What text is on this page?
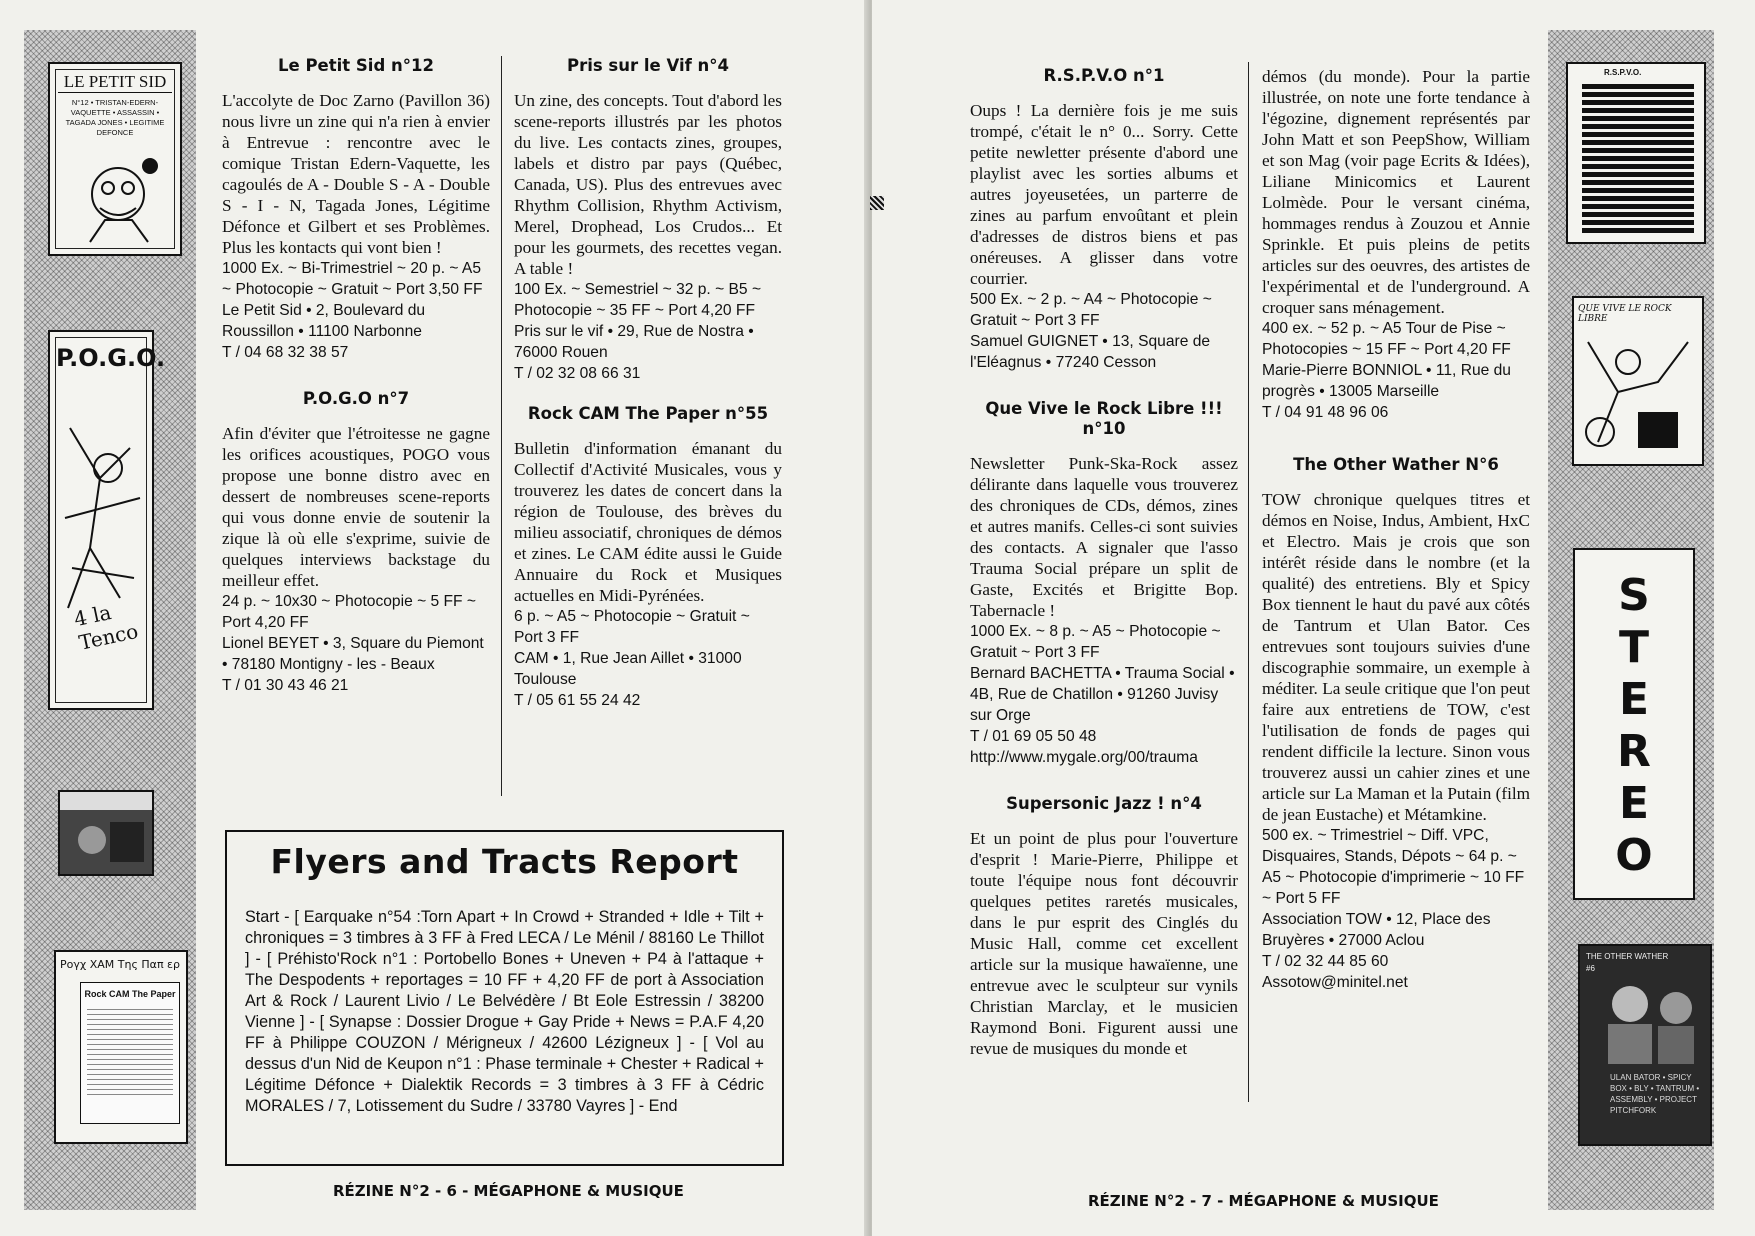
LE PETIT SID
N°12 • TRISTAN-EDERN-VAQUETTE • ASSASSIN • TAGADA JONES • LEGITIME DEFONCE
P.O.G.O.
4 la Tenco
Pογχ ΧΑΜ Της Παπ ερ
Rock CAM The Paper
Le Petit Sid n°12

L'accolyte de Doc Zarno (Pavillon 36) nous livre un zine qui n'a rien à envier à Entrevue : rencontre avec le comique Tristan Edern-Vaquette, les cagoulés de A - Double S - A - Double S - I - N, Tagada Jones, Légitime Défonce et Gilbert et ses Problèmes. Plus les kontacts qui vont bien !

1000 Ex. ~ Bi-Trimestriel ~ 20 p. ~ A5 ~ Photocopie ~ Gratuit ~ Port 3,50 FF

Le Petit Sid • 2, Boulevard du Roussillon • 11100 Narbonne

T / 04 68 32 38 57

P.O.G.O n°7

Afin d'éviter que l'étroitesse ne gagne les orifices acoustiques, POGO vous propose une bonne distro avec en dessert de nombreuses scene-reports qui vous donne envie de soutenir la zique là où elle s'exprime, suivie de quelques interviews backstage du meilleur effet.

24 p. ~ 10x30 ~ Photocopie ~ 5 FF ~ Port 4,20 FF

Lionel BEYET • 3, Square du Piemont • 78180 Montigny - les - Beaux

T / 01 30 43 46 21

Pris sur le Vif n°4

Un zine, des concepts. Tout d'abord les scene-reports illustrés par les photos du live. Les contacts zines, groupes, labels et distro par pays (Québec, Canada, US). Plus des entrevues avec Rhythm Collision, Rhythm Activism, Merel, Drophead, Los Crudos... Et pour les gourmets, des recettes vegan. A table !

100 Ex. ~ Semestriel ~ 32 p. ~ B5 ~ Photocopie ~ 35 FF ~ Port 4,20 FF

Pris sur le vif • 29, Rue de Nostra • 76000 Rouen

T / 02 32 08 66 31

Rock CAM The Paper n°55

Bulletin d'information émanant du Collectif d'Activité Musicales, vous y trouverez les dates de concert dans la région de Toulouse, des brèves du milieu associatif, chroniques de démos et zines. Le CAM édite aussi le Guide Annuaire du Rock et Musiques actuelles en Midi-Pyrénées.

6 p. ~ A5 ~ Photocopie ~ Gratuit ~ Port 3 FF

CAM • 1, Rue Jean Aillet • 31000 Toulouse

T / 05 61 55 24 42

Flyers and Tracts Report
Start - [ Earquake n°54 :Torn Apart + In Crowd + Stranded + Idle + Tilt + chroniques = 3 timbres à 3 FF à Fred LECA / Le Ménil / 88160 Le Thillot ] - [ Préhisto'Rock n°1 : Portobello Bones + Uneven + P4 à l'attaque + The Despodents + reportages = 10 FF + 4,20 FF de port à Association Art & Rock / Laurent Livio / Le Belvédère / Bt Eole Estressin / 38200 Vienne ] - [ Synapse : Dossier Drogue + Gay Pride + News = P.A.F 4,20 FF à Philippe COUZON / Mérigneux / 42600 Lézigneux ] - [ Vol au dessus d'un Nid de Keupon n°1 : Phase terminale + Chester + Radical + Légitime Défonce + Dialektik Records = 3 timbres à 3 FF à Cédric MORALES / 7, Lotissement du Sudre / 33780 Vayres ] - End
RÉZINE N°2 - 6 - MÉGAPHONE & MUSIQUE
R.S.P.V.O n°1

Oups ! La dernière fois je me suis trompé, c'était le n° 0... Sorry. Cette petite newletter présente d'abord une playlist avec les sorties albums et autres joyeusetées, un parterre de zines au parfum envoûtant et plein d'adresses de distros biens et pas onéreuses. A glisser dans votre courrier.

500 Ex. ~ 2 p. ~ A4 ~ Photocopie ~ Gratuit ~ Port 3 FF

Samuel GUIGNET • 13, Square de l'Eléagnus • 77240 Cesson

Que Vive le Rock Libre !!! n°10

Newsletter Punk-Ska-Rock assez délirante dans laquelle vous trouverez des chroniques de CDs, démos, zines et autres manifs. Celles-ci sont suivies des contacts. A signaler que l'asso Trauma Social prépare un split de Gaste, Excités et Brigitte Bop. Tabernacle !

1000 Ex. ~ 8 p. ~ A5 ~ Photocopie ~ Gratuit ~ Port 3 FF

Bernard BACHETTA • Trauma Social • 4B, Rue de Chatillon • 91260 Juvisy sur Orge

T / 01 69 05 50 48

http://www.mygale.org/00/trauma

Supersonic Jazz ! n°4

Et un point de plus pour l'ouverture d'esprit ! Marie-Pierre, Philippe et toute l'équipe nous font découvrir quelques petites raretés musicales, dans le pur esprit des Cinglés du Music Hall, comme cet excellent article sur la musique hawaïenne, une entrevue avec le sculpteur sur vynils Christian Marclay, et le musicien Raymond Boni. Figurent aussi une revue de musiques du monde et

démos (du monde). Pour la partie illustrée, on note une forte tendance à l'égozine, dignement représentés par John Matt et son PeepShow, William et son Mag (voir page Ecrits & Idées), Liliane Minicomics et Laurent Lolmède. Pour le versant cinéma, hommages rendus à Zouzou et Annie Sprinkle. Et puis pleins de petits articles sur des oeuvres, des artistes de l'expérimental et de l'underground. A croquer sans ménagement.

400 ex. ~ 52 p. ~ A5 Tour de Pise ~ Photocopies ~ 15 FF ~ Port 4,20 FF

Marie-Pierre BONNIOL • 11, Rue du progrès • 13005 Marseille

T / 04 91 48 96 06

The Other Wather N°6

TOW chronique quelques titres et démos en Noise, Indus, Ambient, HxC et Electro. Mais je crois que son intérêt réside dans le nombre (et la qualité) des entretiens. Bly et Spicy Box tiennent le haut du pavé aux côtés de Tantrum et Ulan Bator. Ces entrevues sont toujours suivies d'une discographie sommaire, un exemple à méditer. La seule critique que l'on peut faire aux entretiens de TOW, c'est l'utilisation de fonds de pages qui rendent difficile la lecture. Sinon vous trouverez aussi un cahier zines et une article sur La Maman et la Putain (film de jean Eustache) et Métamkine.

500 ex. ~ Trimestriel ~ Diff. VPC, Disquaires, Stands, Dépots ~ 64 p. ~ A5 ~ Photocopie d'imprimerie ~ 10 FF ~ Port 5 FF

Association TOW • 12, Place des Bruyères • 27000 Aclou

T / 02 32 44 85 60

Assotow@minitel.net

RÉZINE N°2 - 7 - MÉGAPHONE & MUSIQUE
R.S.P.V.O.
QUE VIVE LE ROCK LIBRE
STEREO
THE OTHER WATHER
#6
ULAN BATOR • SPICY BOX • BLY • TANTRUM • ASSEMBLY • PROJECT PITCHFORK
